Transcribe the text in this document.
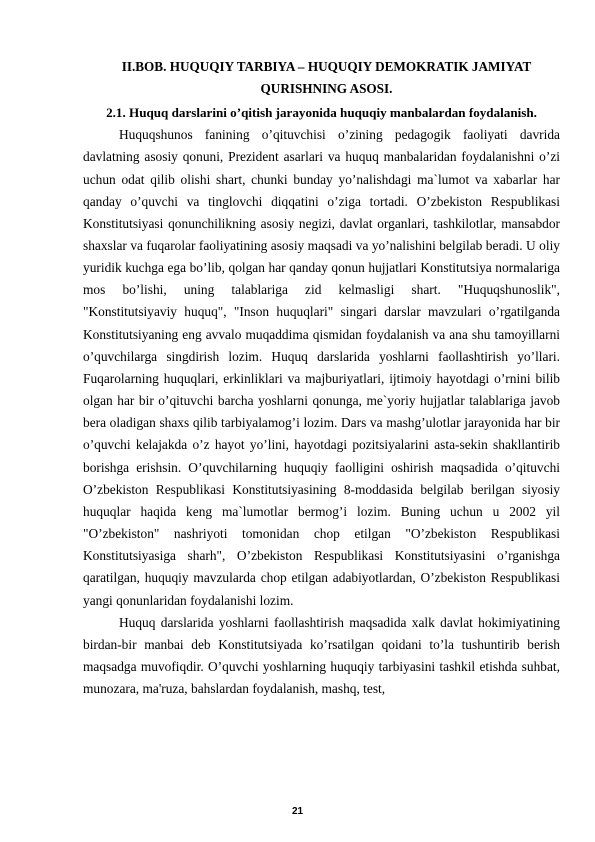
II.BOB. HUQUQIY TARBIYA – HUQUQIY DEMOKRATIK JAMIYAT QURISHNING ASOSI.

2.1. Huquq darslarini o’qitish jarayonida huquqiy manbalardan foydalanish.

Huquqshunos fanining o’qituvchisi o’zining pedagogik faoliyati davrida davlatning asosiy qonuni, Prezident asarlari va huquq manbalaridan foydalanishni o’zi uchun odat qilib olishi shart, chunki bunday yo’nalishdagi ma`lumot va xabarlar har qanday o’quvchi va tinglovchi diqqatini o’ziga tortadi. O’zbekiston Respublikasi Konstitutsiyasi qonunchilikning asosiy negizi, davlat organlari, tashkilotlar, mansabdor shaxslar va fuqarolar faoliyatining asosiy maqsadi va yo’nalishini belgilab beradi. U oliy yuridik kuchga ega bo’lib, qolgan har qanday qonun hujjatlari Konstitutsiya normalariga mos bo’lishi, uning talablariga zid kelmasligi shart. "Huquqshunoslik", "Konstitutsiyaviy huquq", "Inson huquqlari" singari darslar mavzulari o’rgatilganda Konstitutsiyaning eng avvalo muqaddima qismidan foydalanish va ana shu tamoyillarni o’quvchilarga singdirish lozim. Huquq darslarida yoshlarni faollashtirish yo’llari. Fuqarolarning huquqlari, erkinliklari va majburiyatlari, ijtimoiy hayotdagi o’rnini bilib olgan har bir o’qituvchi barcha yoshlarni qonunga, me`yoriy hujjatlar talablariga javob bera oladigan shaxs qilib tarbiyalamog’i lozim. Dars va mashg’ulotlar jarayonida har bir o’quvchi kelajakda o’z hayot yo’lini, hayotdagi pozitsiyalarini asta-sekin shakllantirib borishga erishsin. O’quvchilarning huquqiy faolligini oshirish maqsadida o’qituvchi O’zbekiston Respublikasi Konstitutsiyasining 8-moddasida belgilab berilgan siyosiy huquqlar haqida keng ma`lumotlar bermog’i lozim. Buning uchun u 2002 yil "O’zbekiston" nashriyoti tomonidan chop etilgan "O’zbekiston Respublikasi Konstitutsiyasiga sharh", O’zbekiston Respublikasi Konstitutsiyasini o’rganishga qaratilgan, huquqiy mavzularda chop etilgan adabiyotlardan, O’zbekiston Respublikasi yangi qonunlaridan foydalanishi lozim.

Huquq darslarida yoshlarni faollashtirish maqsadida xalk davlat hokimiyatining birdan-bir manbai deb Konstitutsiyada ko’rsatilgan qoidani to’la tushuntirib berish maqsadga muvofiqdir. O’quvchi yoshlarning huquqiy tarbiyasini tashkil etishda suhbat, munozara, ma'ruza, bahslardan foydalanish, mashq, test,

21
